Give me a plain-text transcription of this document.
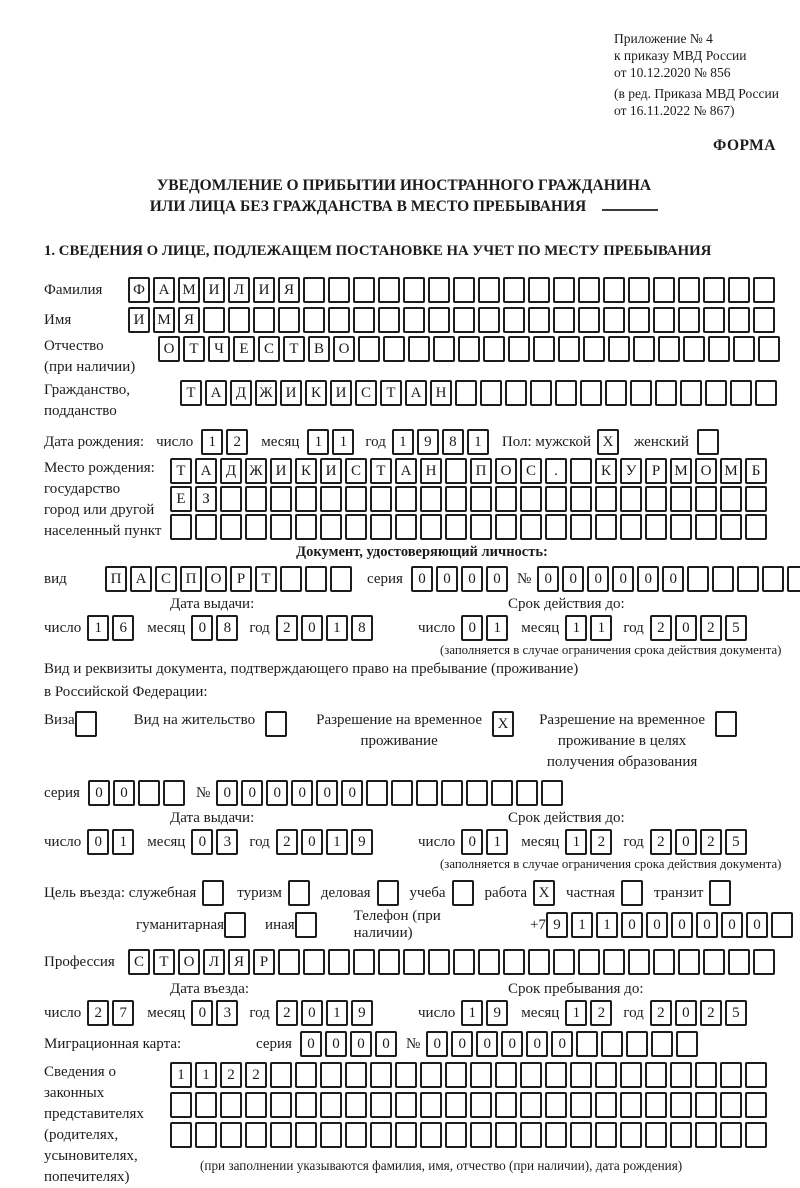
Приложение № 4
к приказу МВД России
от 10.12.2020 № 856
(в ред. Приказа МВД России
от 16.11.2022 № 867)
ФОРМА
УВЕДОМЛЕНИЕ О ПРИБЫТИИ ИНОСТРАННОГО ГРАЖДАНИНА
ИЛИ ЛИЦА БЕЗ ГРАЖДАНСТВА В МЕСТО ПРЕБЫВАНИЯ
1. СВЕДЕНИЯ О ЛИЦЕ, ПОДЛЕЖАЩЕМ ПОСТАНОВКЕ НА УЧЕТ ПО МЕСТУ ПРЕБЫВАНИЯ
Фамилия	Ф А М И Л И Я
Имя	И М Я
Отчество
(при наличии)
О Т Ч Е С Т В О
Гражданство,
подданство
Т А Д Ж И К И С Т А Н
Дата рождения: число	1 2	месяц	1 1	год 1 9 8 1	Пол: мужской X	женский
Место рождения:
государство
город или другой
населенный пункт
Т А Д Ж И К И С Т А Н	П О С .	К У Р М О М Б
Е З
Документ, удостоверяющий личность:
вид	П А С П О Р Т	серия	0 0 0 0	№ 0 0 0 0 0 0
Дата выдачи:
число 1 6	месяц 0 8	год 2 0 1 8
Срок действия до:
число 0 1	месяц 1 1	год 2 0 2 5
(заполняется в случае ограничения срока действия документа)
Вид и реквизиты документа, подтверждающего право на пребывание (проживание)
в Российской Федерации:
Виза	Вид на жительство	Разрешение на временное
проживание
X	Разрешение на временное
проживание в целях
получения образования
серия	0 0	№ 0 0 0 0 0 0
Дата выдачи:
число 0 1	месяц 0 3	год 2 0 1 9
Срок действия до:
число 0 1	месяц 1 2	год 2 0 2 5
(заполняется в случае ограничения срока действия документа)
Цель въезда: служебная	туризм	деловая	учеба	работа X	частная	транзит
гуманитарная	иная
Телефон (при наличии)
+7 9 1 1 0 0 0 0 0 0
Профессия	С Т О Л Я Р
Дата въезда:
число 2 7	месяц 0 3	год 2 0 1 9
Срок пребывания до:
число 1 9	месяц 1 2	год 2 0 2 5
Миграционная карта:	серия	0 0 0 0	№ 0 0 0 0 0 0
Сведения о
законных
представителях
(родителях,
усыновителях,
попечителях)
1 1 2 2
(при заполнении указываются фамилия, имя, отчество (при наличии), дата рождения)
